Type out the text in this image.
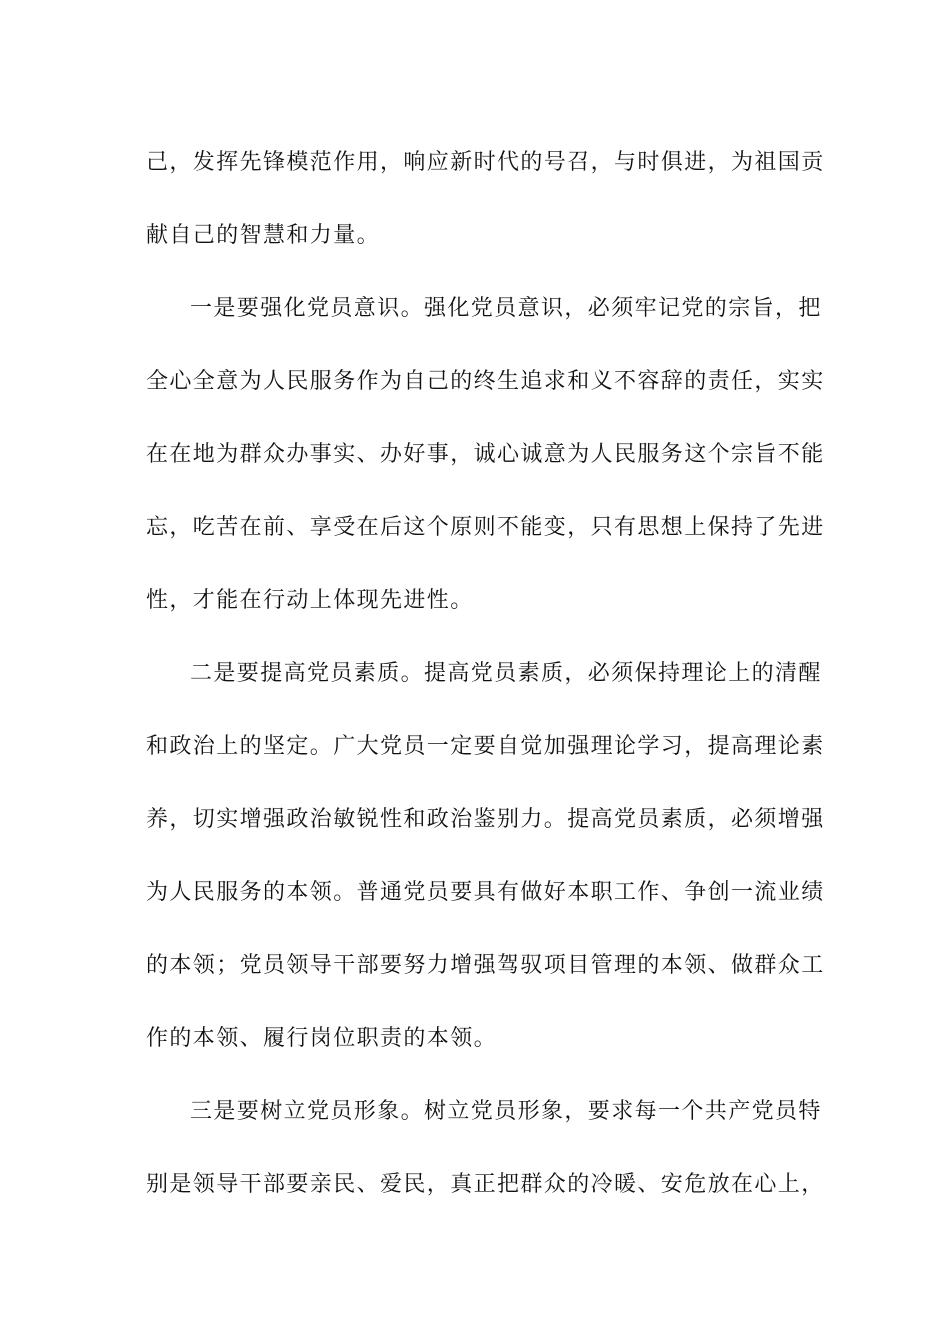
己，发挥先锋模范作用，响应新时代的号召，与时俱进，为祖国贡
献自己的智慧和力量。
一是要强化党员意识。强化党员意识，必须牢记党的宗旨，把
全心全意为人民服务作为自己的终生追求和义不容辞的责任，实实
在在地为群众办事实、办好事，诚心诚意为人民服务这个宗旨不能
忘，吃苦在前、享受在后这个原则不能变，只有思想上保持了先进
性，才能在行动上体现先进性。
二是要提高党员素质。提高党员素质，必须保持理论上的清醒
和政治上的坚定。广大党员一定要自觉加强理论学习，提高理论素
养，切实增强政治敏锐性和政治鉴别力。提高党员素质，必须增强
为人民服务的本领。普通党员要具有做好本职工作、争创一流业绩
的本领；党员领导干部要努力增强驾驭项目管理的本领、做群众工
作的本领、履行岗位职责的本领。
三是要树立党员形象。树立党员形象，要求每一个共产党员特
别是领导干部要亲民、爱民，真正把群众的冷暖、安危放在心上，
